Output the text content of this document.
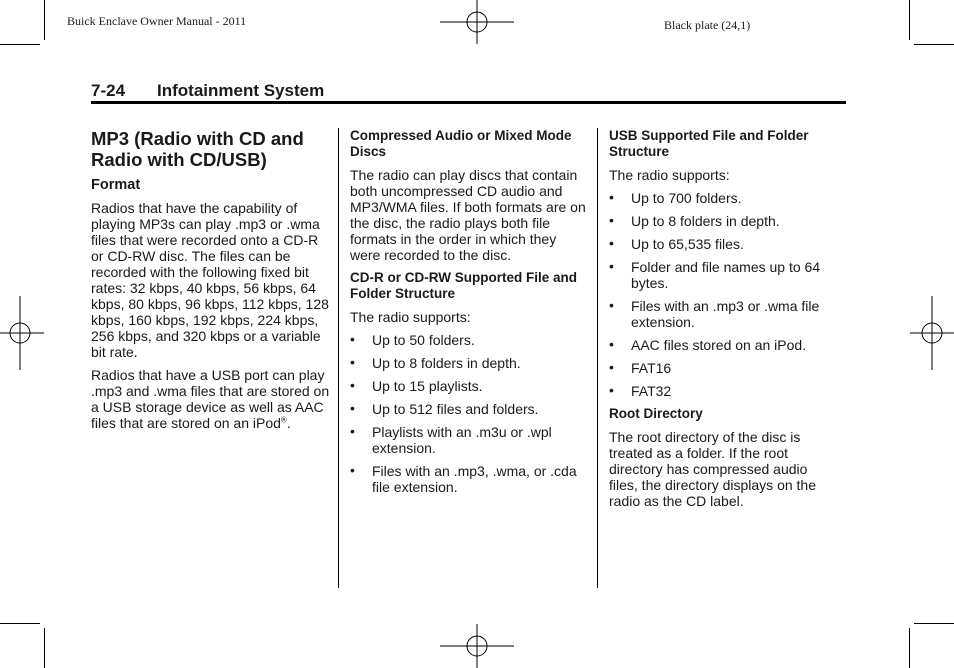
Buick Enclave Owner Manual - 2011	Black plate (24,1)
7-24 Infotainment System
MP3 (Radio with CD and Radio with CD/USB)
Format

Radios that have the capability of playing MP3s can play .mp3 or .wma files that were recorded onto a CD-R or CD-RW disc. The files can be recorded with the following fixed bit rates: 32 kbps, 40 kbps, 56 kbps, 64 kbps, 80 kbps, 96 kbps, 112 kbps, 128 kbps, 160 kbps, 192 kbps, 224 kbps, 256 kbps, and 320 kbps or a variable bit rate.

Radios that have a USB port can play .mp3 and .wma files that are stored on a USB storage device as well as AAC files that are stored on an iPod®.

Compressed Audio or Mixed Mode Discs

The radio can play discs that contain both uncompressed CD audio and MP3/WMA files. If both formats are on the disc, the radio plays both file formats in the order in which they were recorded to the disc.

CD-R or CD-RW Supported File and Folder Structure

The radio supports:

• Up to 50 folders.
• Up to 8 folders in depth.
• Up to 15 playlists.
• Up to 512 files and folders.
• Playlists with an .m3u or .wpl extension.
• Files with an .mp3, .wma, or .cda file extension.
USB Supported File and Folder Structure

The radio supports:

• Up to 700 folders.
• Up to 8 folders in depth.
• Up to 65,535 files.
• Folder and file names up to 64 bytes.
• Files with an .mp3 or .wma file extension.
• AAC files stored on an iPod.
• FAT16
• FAT32
Root Directory

The root directory of the disc is treated as a folder. If the root directory has compressed audio files, the directory displays on the radio as the CD label.
